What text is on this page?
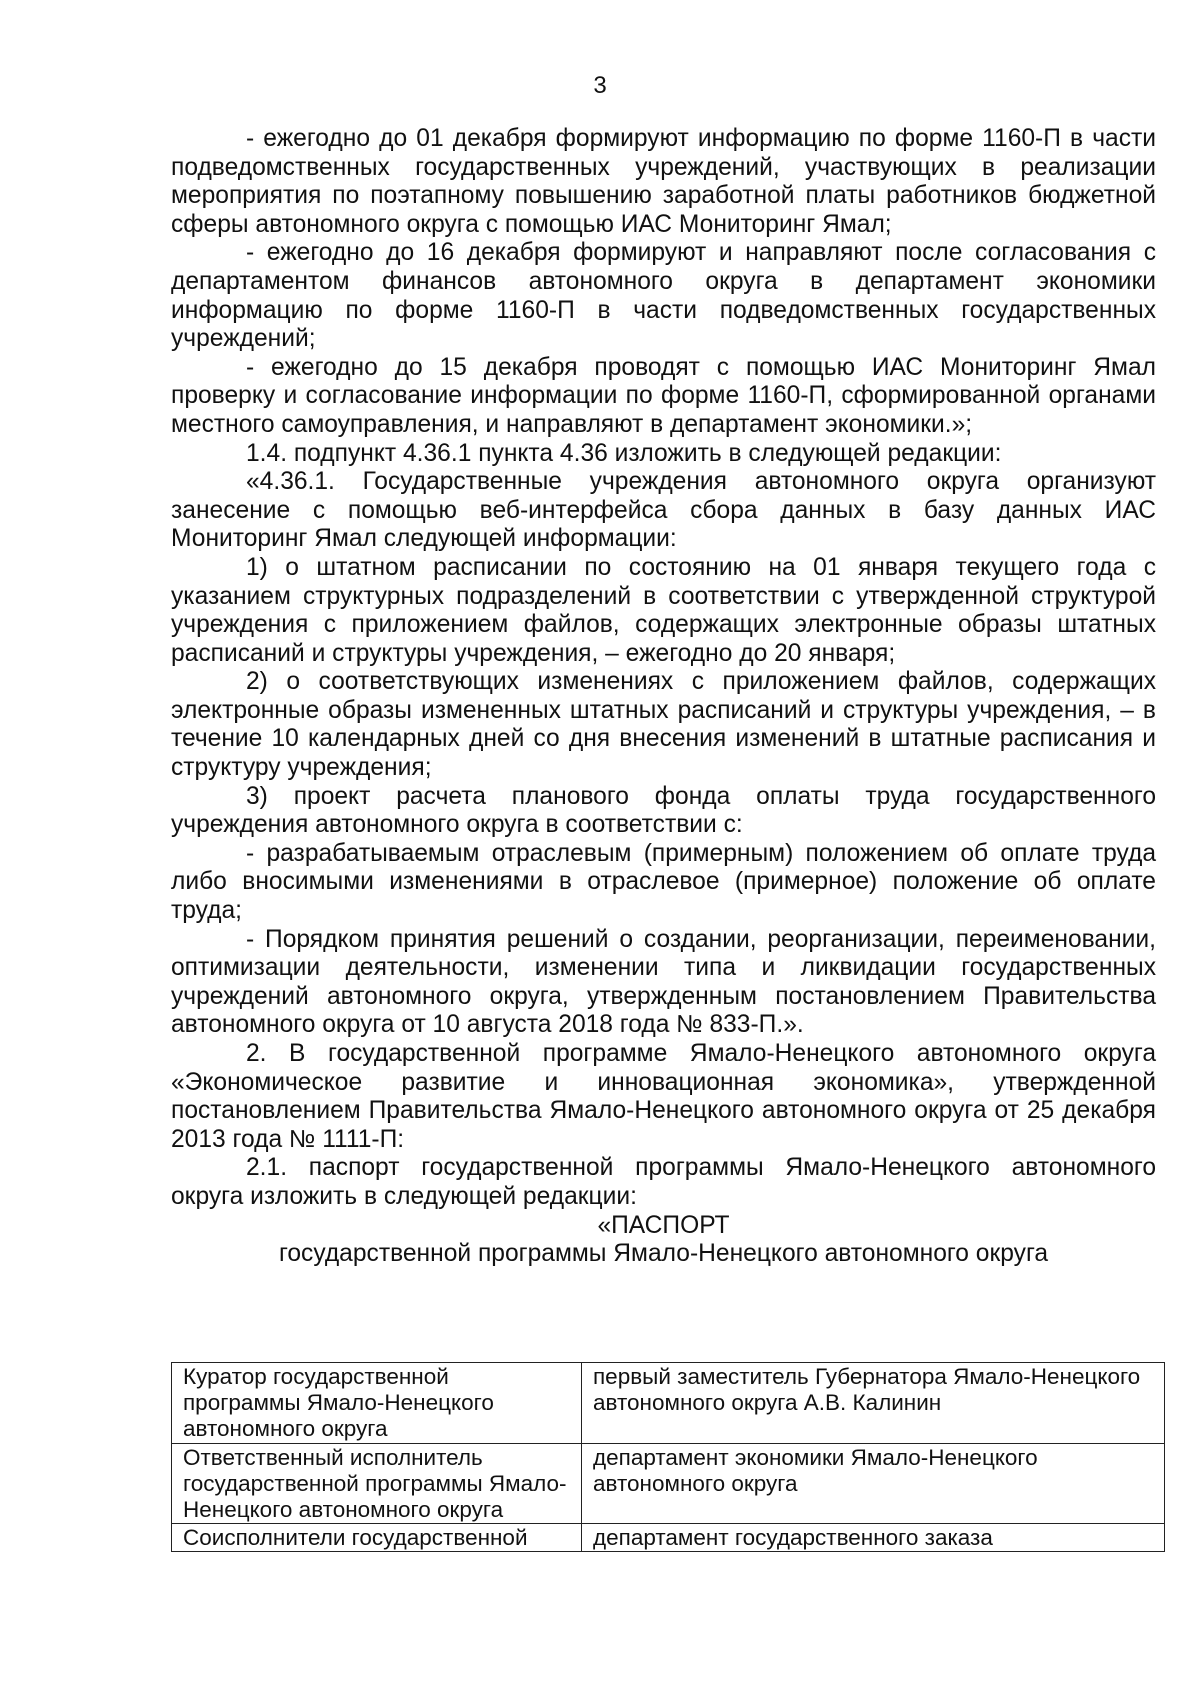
3

- ежегодно до 01 декабря формируют информацию по форме 1160-П в части подведомственных государственных учреждений, участвующих в реализации мероприятия по поэтапному повышению заработной платы работников бюджетной сферы автономного округа с помощью ИАС Мониторинг Ямал;

- ежегодно до 16 декабря формируют и направляют после согласования с департаментом финансов автономного округа в департамент экономики информацию по форме 1160-П в части подведомственных государственных учреждений;

- ежегодно до 15 декабря проводят с помощью ИАС Мониторинг Ямал проверку и согласование информации по форме 1160-П, сформированной органами местного самоуправления, и направляют в департамент экономики.»;

1.4. подпункт 4.36.1 пункта 4.36 изложить в следующей редакции:

«4.36.1. Государственные учреждения автономного округа организуют занесение с помощью веб-интерфейса сбора данных в базу данных ИАС Мониторинг Ямал следующей информации:

1) о штатном расписании по состоянию на 01 января текущего года с указанием структурных подразделений в соответствии с утвержденной структурой учреждения с приложением файлов, содержащих электронные образы штатных расписаний и структуры учреждения, – ежегодно до 20 января;

2) о соответствующих изменениях с приложением файлов, содержащих электронные образы измененных штатных расписаний и структуры учреждения, – в течение 10 календарных дней со дня внесения изменений в штатные расписания и структуру учреждения;

3) проект расчета планового фонда оплаты труда государственного учреждения автономного округа в соответствии с:

- разрабатываемым отраслевым (примерным) положением об оплате труда либо вносимыми изменениями в отраслевое (примерное) положение об оплате труда;

- Порядком принятия решений о создании, реорганизации, переименовании, оптимизации деятельности, изменении типа и ликвидации государственных учреждений автономного округа, утвержденным постановлением Правительства автономного округа от 10 августа 2018 года № 833-П.».

2. В государственной программе Ямало-Ненецкого автономного округа «Экономическое развитие и инновационная экономика», утвержденной постановлением Правительства Ямало-Ненецкого автономного округа от 25 декабря 2013 года № 1111-П:

2.1. паспорт государственной программы Ямало-Ненецкого автономного округа изложить в следующей редакции:

«ПАСПОРТ

государственной программы Ямало-Ненецкого автономного округа

Куратор государственной программы Ямало-Ненецкого автономного округа	первый заместитель Губернатора Ямало-Ненецкого автономного округа А.В. Калинин
Ответственный исполнитель государственной программы Ямало-Ненецкого автономного округа	департамент экономики Ямало-Ненецкого автономного округа
Соисполнители государственной	департамент государственного заказа
